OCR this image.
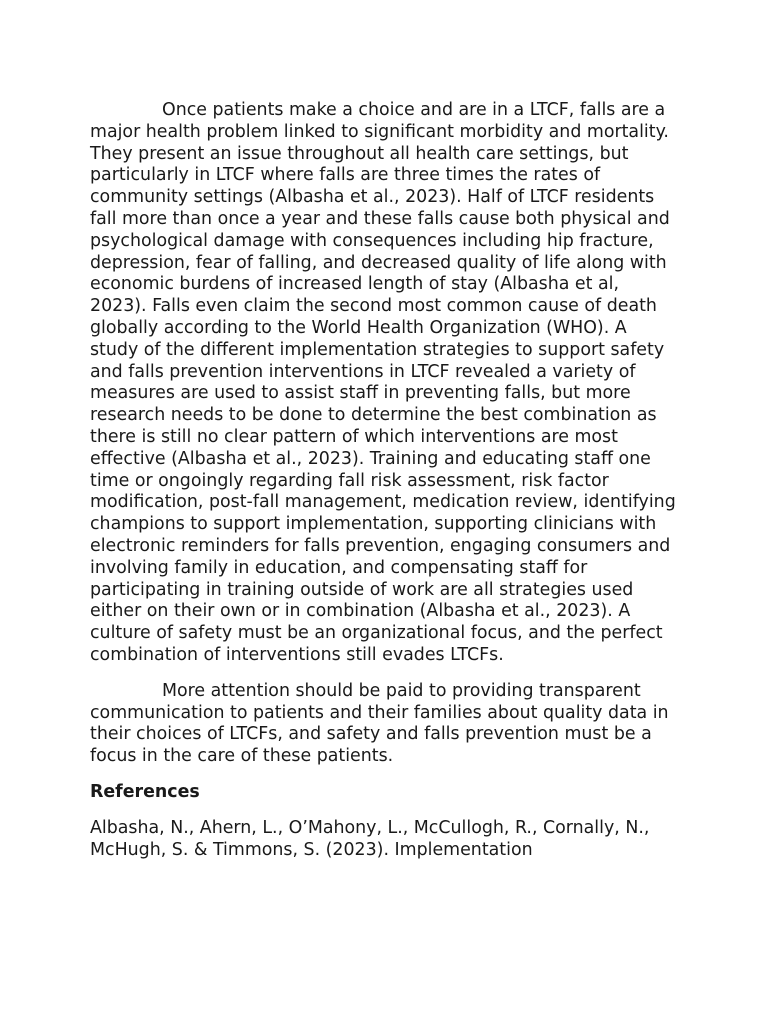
Once patients make a choice and are in a LTCF, falls are a major health problem linked to significant morbidity and mortality. They present an issue throughout all health care settings, but particularly in LTCF where falls are three times the rates of community settings (Albasha et al., 2023). Half of LTCF residents fall more than once a year and these falls cause both physical and psychological damage with consequences including hip fracture, depression, fear of falling, and decreased quality of life along with economic burdens of increased length of stay (Albasha et al, 2023). Falls even claim the second most common cause of death globally according to the World Health Organization (WHO). A study of the different implementation strategies to support safety and falls prevention interventions in LTCF revealed a variety of measures are used to assist staff in preventing falls, but more research needs to be done to determine the best combination as there is still no clear pattern of which interventions are most effective (Albasha et al., 2023). Training and educating staff one time or ongoingly regarding fall risk assessment, risk factor modification, post-fall management, medication review, identifying champions to support implementation, supporting clinicians with electronic reminders for falls prevention, engaging consumers and involving family in education, and compensating staff for participating in training outside of work are all strategies used either on their own or in combination (Albasha et al., 2023). A culture of safety must be an organizational focus, and the perfect combination of interventions still evades LTCFs.

More attention should be paid to providing transparent communication to patients and their families about quality data in their choices of LTCFs, and safety and falls prevention must be a focus in the care of these patients.

References

Albasha, N., Ahern, L., O’Mahony, L., McCullogh, R., Cornally, N., McHugh, S. & Timmons, S. (2023). Implementation
